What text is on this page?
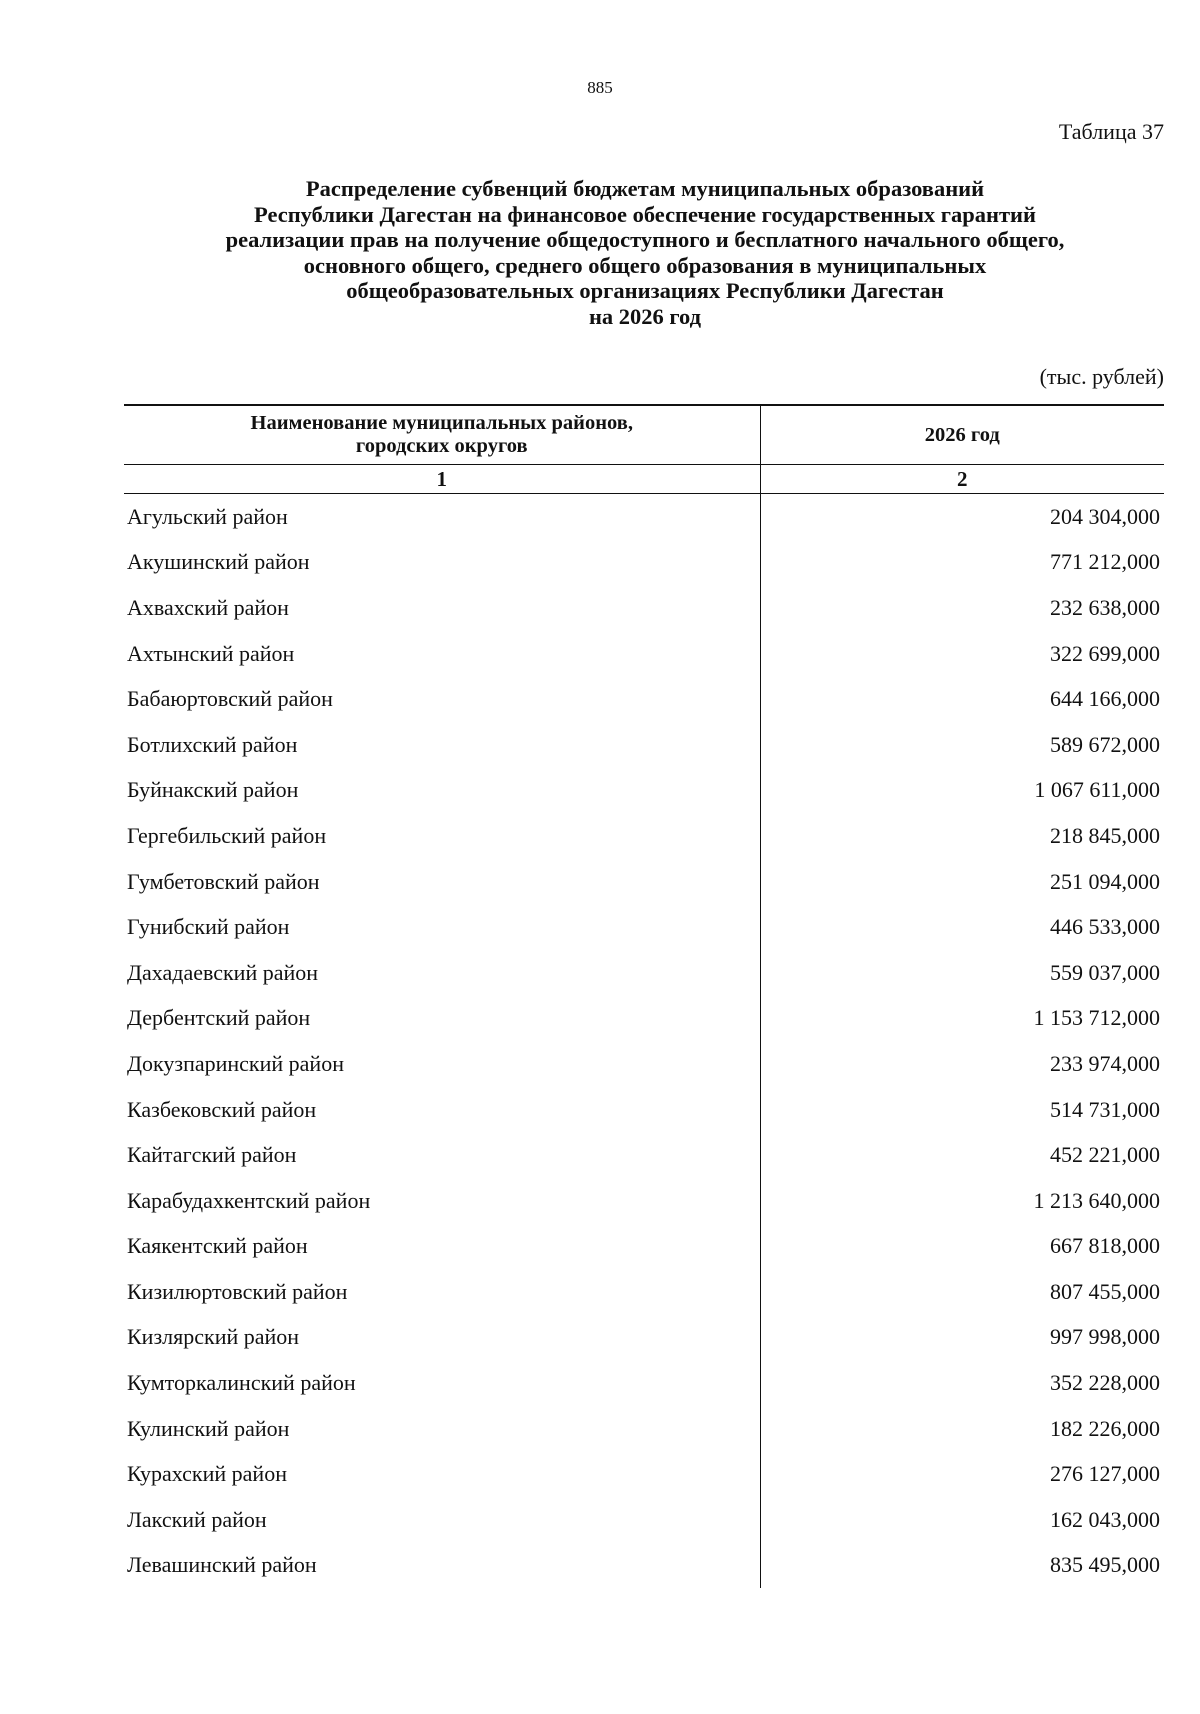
885
Таблица 37
Распределение субвенций бюджетам муниципальных образований
Республики Дагестан на финансовое обеспечение государственных гарантий
реализации прав на получение общедоступного и бесплатного начального общего,
основного общего, среднего общего образования в муниципальных
общеобразовательных организациях Республики Дагестан
на 2026 год
(тыс. рублей)
Наименование муниципальных районов,
городских округов	2026 год
1	2
Агульский район	204 304,000
Акушинский район	771 212,000
Ахвахский район	232 638,000
Ахтынский район	322 699,000
Бабаюртовский район	644 166,000
Ботлихский район	589 672,000
Буйнакский район	1 067 611,000
Гергебильский район	218 845,000
Гумбетовский район	251 094,000
Гунибский район	446 533,000
Дахадаевский район	559 037,000
Дербентский район	1 153 712,000
Докузпаринский район	233 974,000
Казбековский район	514 731,000
Кайтагский район	452 221,000
Карабудахкентский район	1 213 640,000
Каякентский район	667 818,000
Кизилюртовский район	807 455,000
Кизлярский район	997 998,000
Кумторкалинский район	352 228,000
Кулинский район	182 226,000
Курахский район	276 127,000
Лакский район	162 043,000
Левашинский район	835 495,000
